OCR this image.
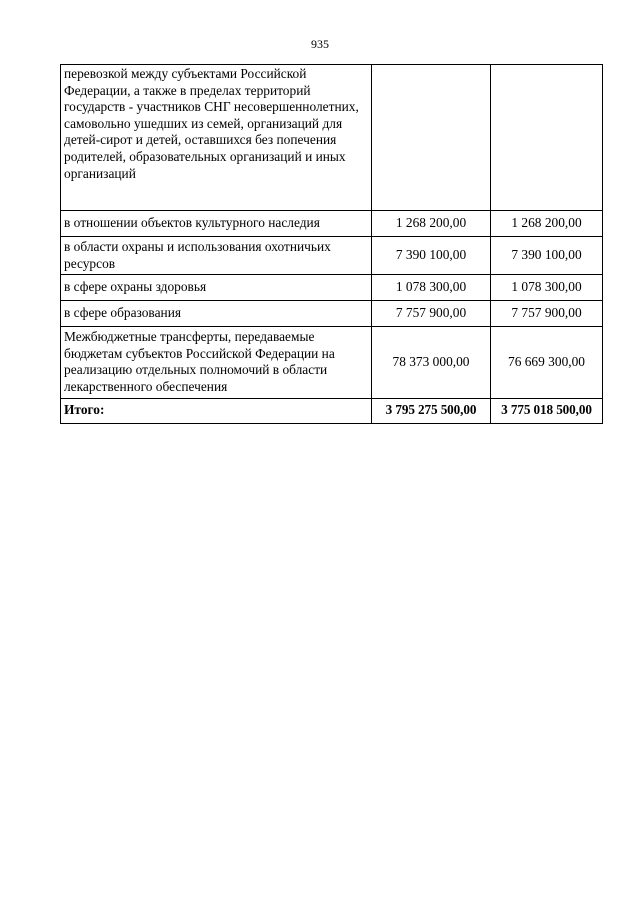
935
перевозкой между субъектами Российской Федерации, а также в пределах территорий государств - участников СНГ несовершеннолетних, самовольно ушедших из семей, организаций для детей-сирот и детей, оставшихся без попечения родителей, образовательных организаций и иных организаций		
в отношении объектов культурного наследия	1 268 200,00	1 268 200,00
в области охраны и использования охотничьих ресурсов	7 390 100,00	7 390 100,00
в сфере охраны здоровья	1 078 300,00	1 078 300,00
в сфере образования	7 757 900,00	7 757 900,00
Межбюджетные трансферты, передаваемые бюджетам субъектов Российской Федерации на реализацию отдельных полномочий в области лекарственного обеспечения	78 373 000,00	76 669 300,00
Итого:	3 795 275 500,00	3 775 018 500,00
